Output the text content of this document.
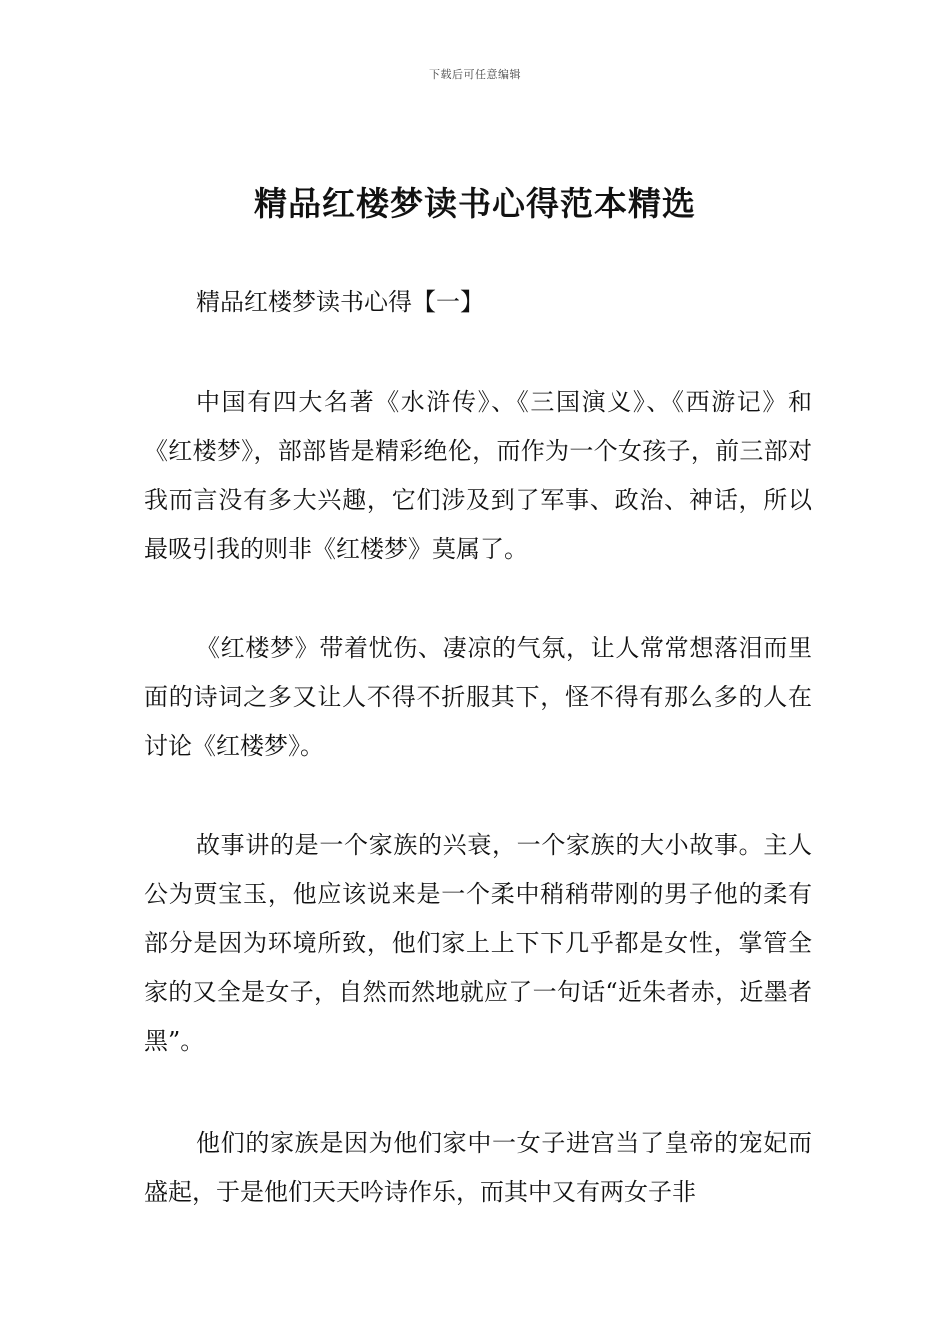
下载后可任意编辑
精品红楼梦读书心得范本精选
精品红楼梦读书心得【一】

中国有四大名著《水浒传》、《三国演义》、《西游记》和《红楼梦》，部部皆是精彩绝伦，而作为一个女孩子，前三部对我而言没有多大兴趣，它们涉及到了军事、政治、神话，所以最吸引我的则非《红楼梦》莫属了。

《红楼梦》带着忧伤、凄凉的气氛，让人常常想落泪而里面的诗词之多又让人不得不折服其下，怪不得有那么多的人在讨论《红楼梦》。

故事讲的是一个家族的兴衰，一个家族的大小故事。主人公为贾宝玉，他应该说来是一个柔中稍稍带刚的男子他的柔有部分是因为环境所致，他们家上上下下几乎都是女性，掌管全家的又全是女子，自然而然地就应了一句话“近朱者赤，近墨者黑”。

他们的家族是因为他们家中一女子进宫当了皇帝的宠妃而盛起，于是他们天天吟诗作乐，而其中又有两女子非
